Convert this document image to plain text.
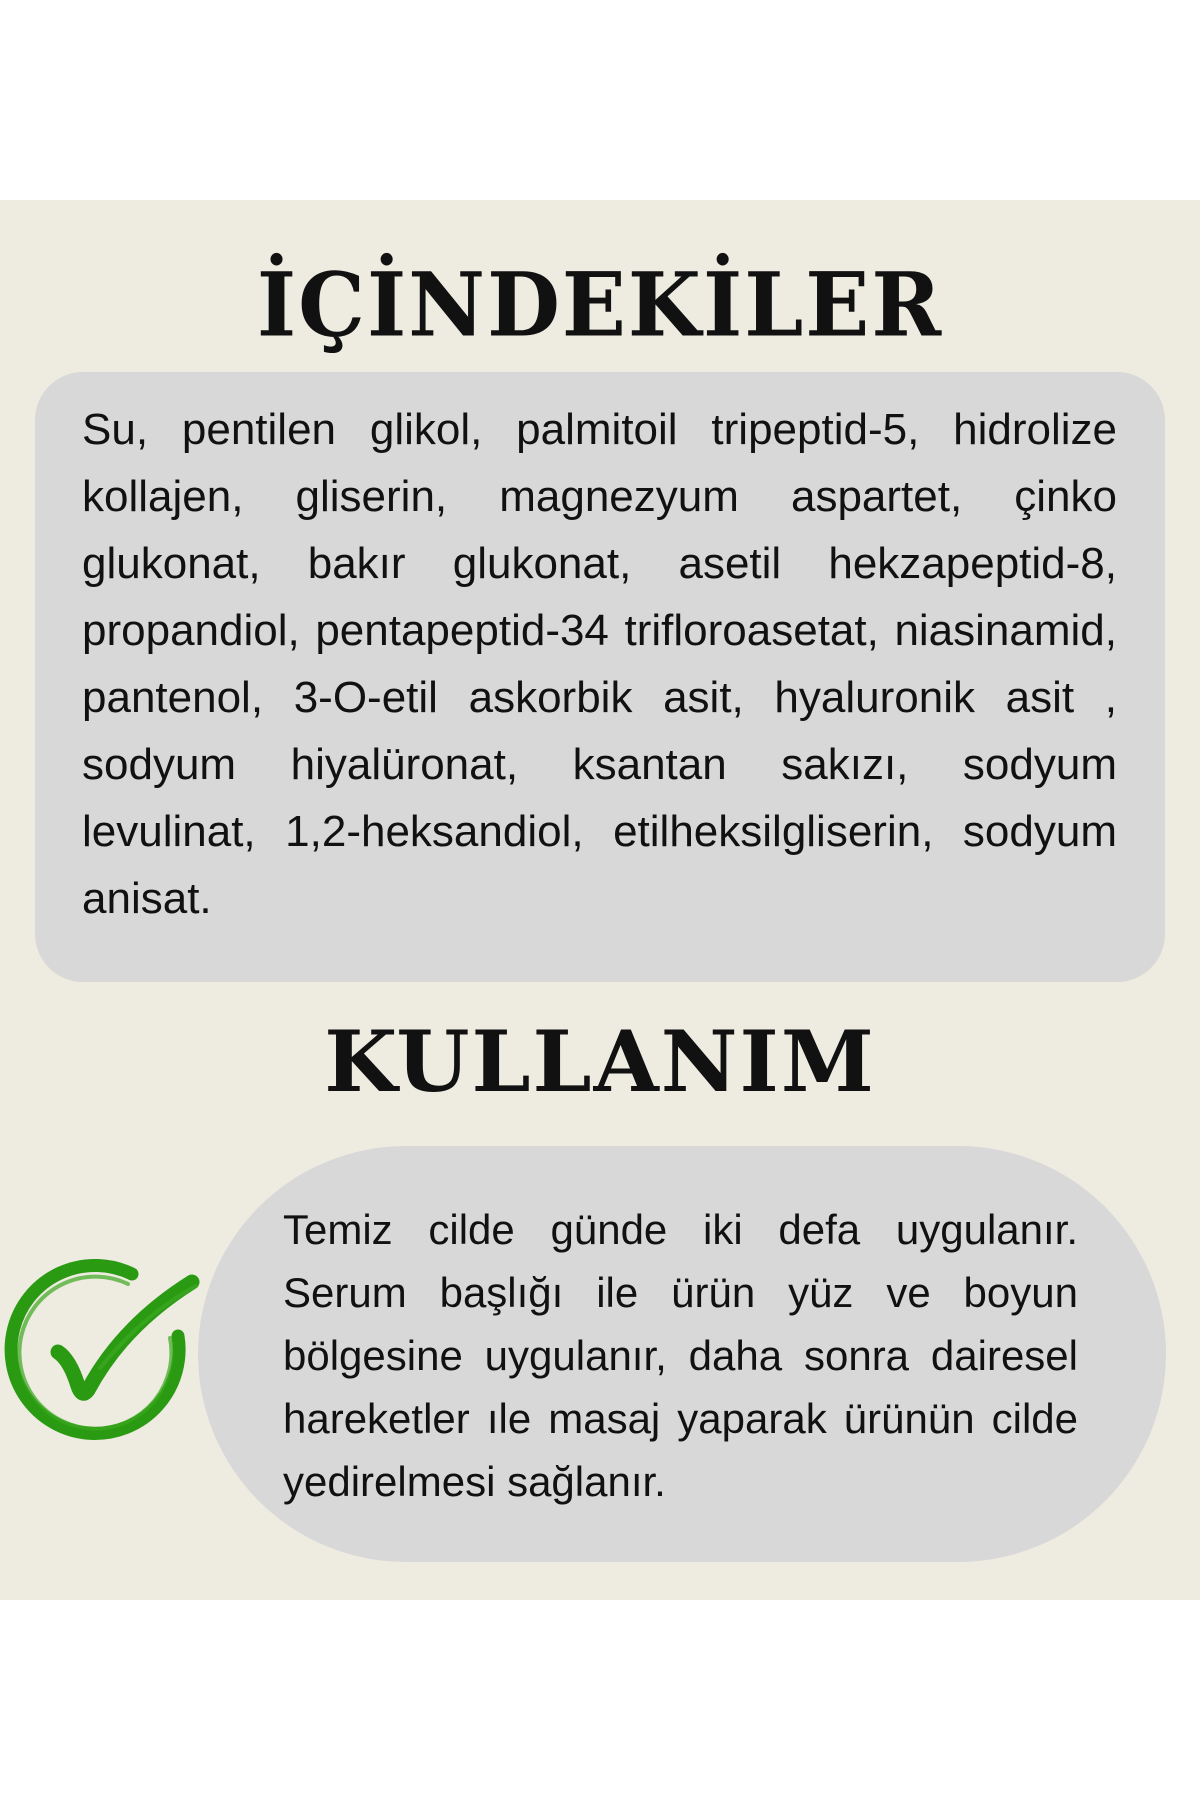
İÇİNDEKİLER

Su, pentilen glikol, palmitoil tripeptid-5, hidrolize kollajen, gliserin, magnezyum aspartet, çinko glukonat, bakır glukonat, asetil hekzapeptid-8, propandiol, pentapeptid-34 trifloroasetat, niasinamid, pantenol, 3-O-etil askorbik asit, hyaluronik asit , sodyum hiyalüronat, ksantan sakızı, sodyum levulinat, 1,2-heksandiol, etilheksilgliserin, sodyum anisat.

KULLANIM

Temiz cilde günde iki defa uygulanır. Serum başlığı ile ürün yüz ve boyun bölgesine uygulanır, daha sonra dairesel hareketler ıle masaj yaparak ürünün cilde yedirelmesi sağlanır.
